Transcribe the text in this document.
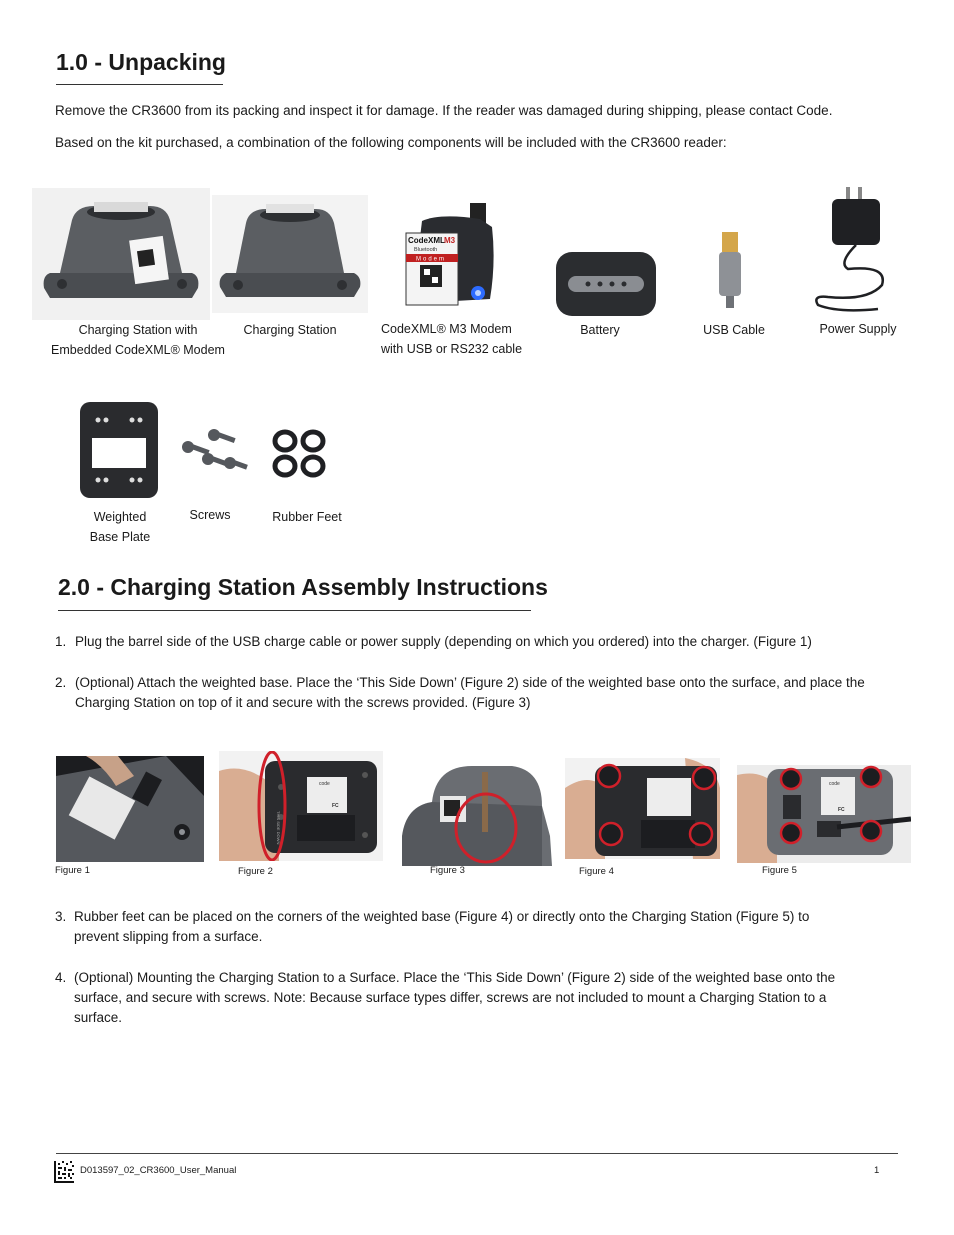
1.0 - Unpacking
Remove the CR3600 from its packing and inspect it for damage. If the reader was damaged during shipping, please contact Code.
Based on the kit purchased, a combination of the following components will be included with the CR3600 reader:
CodeXML M3
Bluetooth
Modem
Charging Station with
Embedded CodeXML® Modem
Charging Station	CodeXML® M3 Modem
with USB or RS232 cable
Battery	USB Cable	Power Supply
Weighted
Base Plate
Screws	Rubber Feet
2.0 - Charging Station Assembly Instructions
1. Plug the barrel side of the USB charge cable or power supply (depending on which you ordered) into the charger. (Figure 1)
2. (Optional) Attach the weighted base. Place the ‘This Side Down’ (Figure 2) side of the weighted base onto the surface, and place the
Charging Station on top of it and secure with the screws provided. (Figure 3)
code
FC
THIS SIDE DOWN
code
FC
Figure 1	Figure 2	Figure 3	Figure 4	Figure 5
3. Rubber feet can be placed on the corners of the weighted base (Figure 4) or directly onto the Charging Station (Figure 5) to
prevent slipping from a surface.
4. (Optional) Mounting the Charging Station to a Surface. Place the ‘This Side Down’ (Figure 2) side of the weighted base onto the
surface, and secure with screws. Note: Because surface types differ, screws are not included to mount a Charging Station to a
surface.
D013597_02_CR3600_User_Manual	1
